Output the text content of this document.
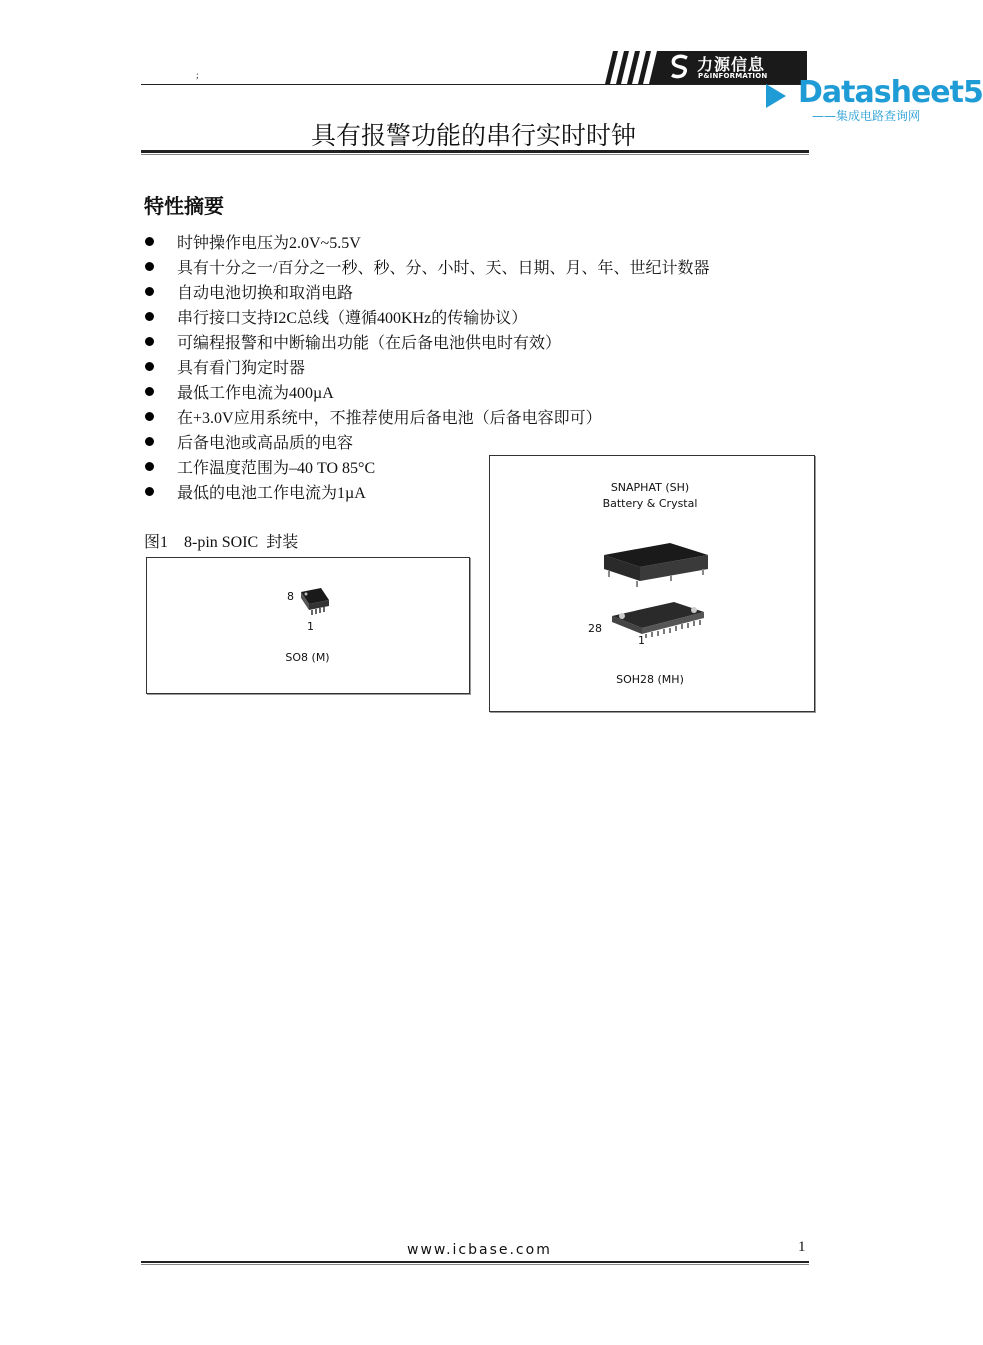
;
力源信息
P&INFORMATION Datasheet5
——集成电路查询网
具有报警功能的串行实时时钟
特性摘要
时钟操作电压为2.0V~5.5V
具有十分之一/百分之一秒、秒、分、小时、天、日期、月、年、世纪计数器
自动电池切换和取消电路
串行接口支持I2C总线（遵循400KHz的传输协议）
可编程报警和中断输出功能（在后备电池供电时有效）
具有看门狗定时器
最低工作电流为400µA
在+3.0V应用系统中，不推荐使用后备电池（后备电容即可）
后备电池或高品质的电容
工作温度范围为–40 TO 85°C
最低的电池工作电流为1µA
图1    8-pin SOIC  封装
8
1
SO8 (M)
SNAPHAT (SH)
Battery & Crystal
28
1
SOH28 (MH)
www.icbase.com	1
